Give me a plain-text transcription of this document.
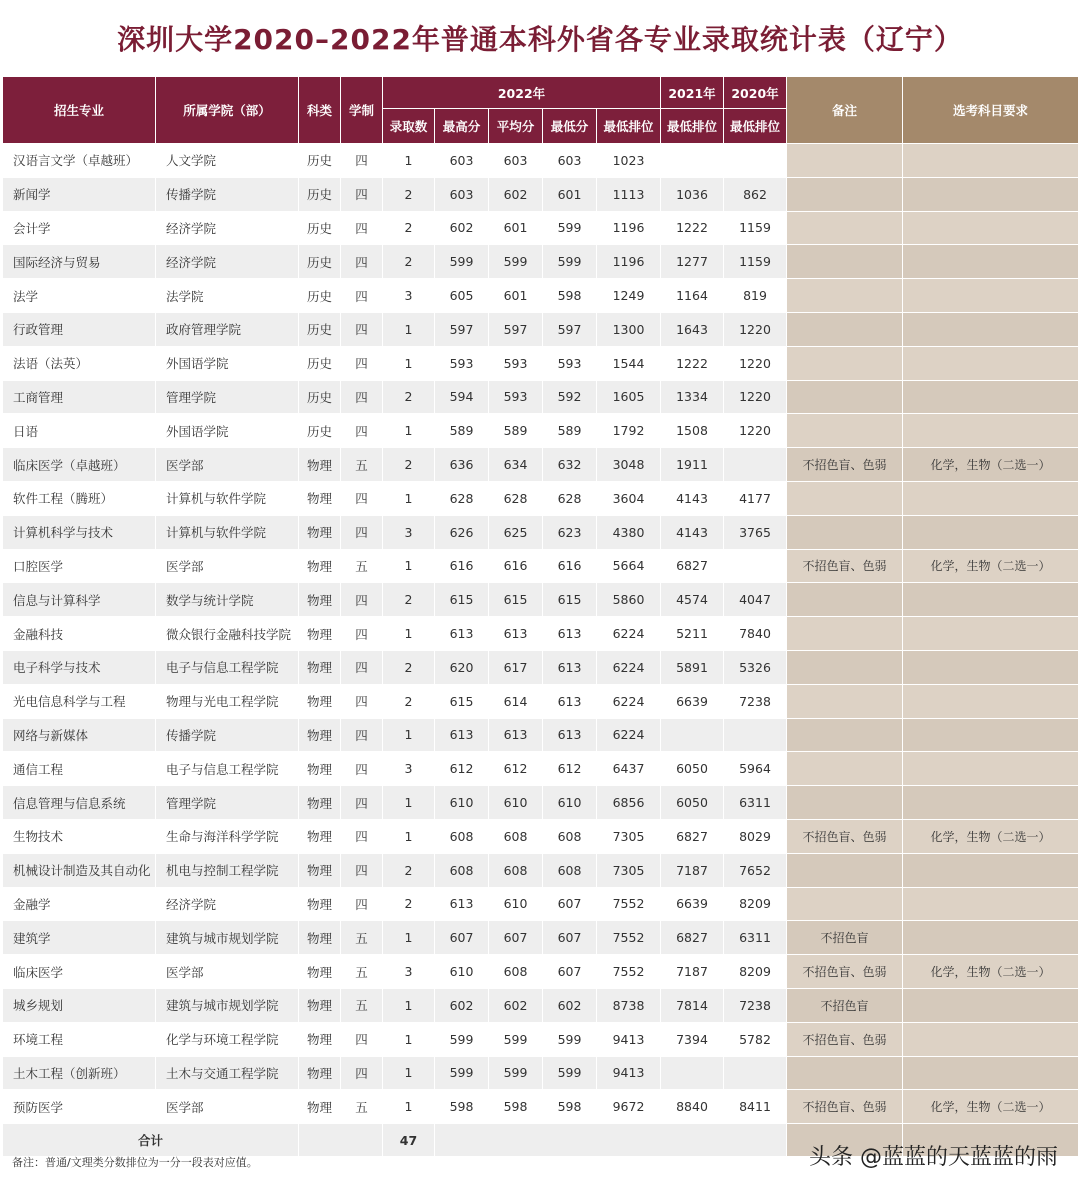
深圳大学2020–2022年普通本科外省各专业录取统计表（辽宁）
招生专业	所属学院（部）	科类	学制	2022年					2021年	2020年	备注	选考科目要求
				录取数	最高分	平均分	最低分	最低排位	最低排位	最低排位		
汉语言文学（卓越班）	人文学院	历史	四	1	603	603	603	1023				
新闻学	传播学院	历史	四	2	603	602	601	1113	1036	862		
会计学	经济学院	历史	四	2	602	601	599	1196	1222	1159		
国际经济与贸易	经济学院	历史	四	2	599	599	599	1196	1277	1159		
法学	法学院	历史	四	3	605	601	598	1249	1164	819		
行政管理	政府管理学院	历史	四	1	597	597	597	1300	1643	1220		
法语（法英）	外国语学院	历史	四	1	593	593	593	1544	1222	1220		
工商管理	管理学院	历史	四	2	594	593	592	1605	1334	1220		
日语	外国语学院	历史	四	1	589	589	589	1792	1508	1220		
临床医学（卓越班）	医学部	物理	五	2	636	634	632	3048	1911		不招色盲、色弱	化学，生物（二选一）
软件工程（腾班）	计算机与软件学院	物理	四	1	628	628	628	3604	4143	4177		
计算机科学与技术	计算机与软件学院	物理	四	3	626	625	623	4380	4143	3765		
口腔医学	医学部	物理	五	1	616	616	616	5664	6827		不招色盲、色弱	化学，生物（二选一）
信息与计算科学	数学与统计学院	物理	四	2	615	615	615	5860	4574	4047		
金融科技	微众银行金融科技学院	物理	四	1	613	613	613	6224	5211	7840		
电子科学与技术	电子与信息工程学院	物理	四	2	620	617	613	6224	5891	5326		
光电信息科学与工程	物理与光电工程学院	物理	四	2	615	614	613	6224	6639	7238		
网络与新媒体	传播学院	物理	四	1	613	613	613	6224				
通信工程	电子与信息工程学院	物理	四	3	612	612	612	6437	6050	5964		
信息管理与信息系统	管理学院	物理	四	1	610	610	610	6856	6050	6311		
生物技术	生命与海洋科学学院	物理	四	1	608	608	608	7305	6827	8029	不招色盲、色弱	化学，生物（二选一）
机械设计制造及其自动化	机电与控制工程学院	物理	四	2	608	608	608	7305	7187	7652		
金融学	经济学院	物理	四	2	613	610	607	7552	6639	8209		
建筑学	建筑与城市规划学院	物理	五	1	607	607	607	7552	6827	6311	不招色盲	
临床医学	医学部	物理	五	3	610	608	607	7552	7187	8209	不招色盲、色弱	化学，生物（二选一）
城乡规划	建筑与城市规划学院	物理	五	1	602	602	602	8738	7814	7238	不招色盲	
环境工程	化学与环境工程学院	物理	四	1	599	599	599	9413	7394	5782	不招色盲、色弱	
土木工程（创新班）	土木与交通工程学院	物理	四	1	599	599	599	9413				
预防医学	医学部	物理	五	1	598	598	598	9672	8840	8411	不招色盲、色弱	化学，生物（二选一）
合计				47								
备注：普通/文理类分数排位为一分一段表对应值。	头条 @蓝蓝的天蓝蓝的雨
